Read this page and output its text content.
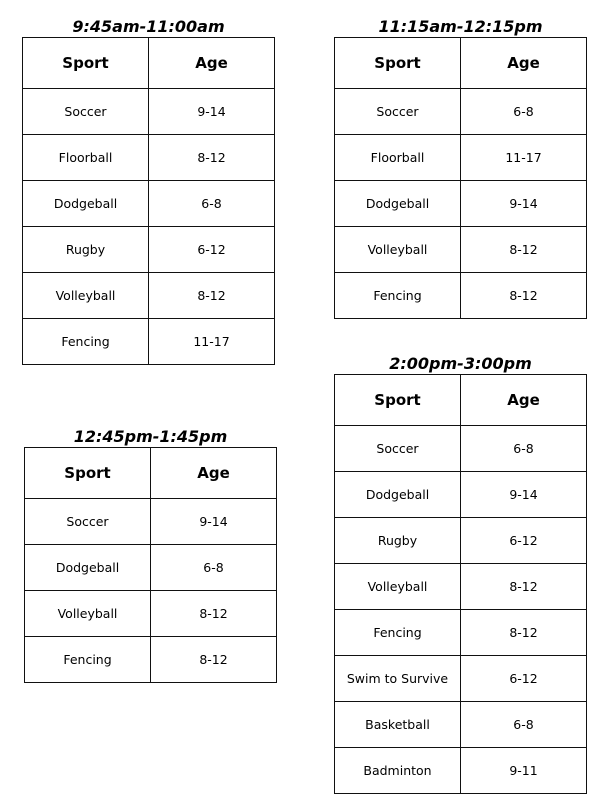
9:45am-11:00am
Sport	Age
Soccer	9-14
Floorball	8-12
Dodgeball	6-8
Rugby	6-12
Volleyball	8-12
Fencing	11-17
11:15am-12:15pm
Sport	Age
Soccer	6-8
Floorball	11-17
Dodgeball	9-14
Volleyball	8-12
Fencing	8-12
12:45pm-1:45pm
Sport	Age
Soccer	9-14
Dodgeball	6-8
Volleyball	8-12
Fencing	8-12
2:00pm-3:00pm
Sport	Age
Soccer	6-8
Dodgeball	9-14
Rugby	6-12
Volleyball	8-12
Fencing	8-12
Swim to Survive	6-12
Basketball	6-8
Badminton	9-11
